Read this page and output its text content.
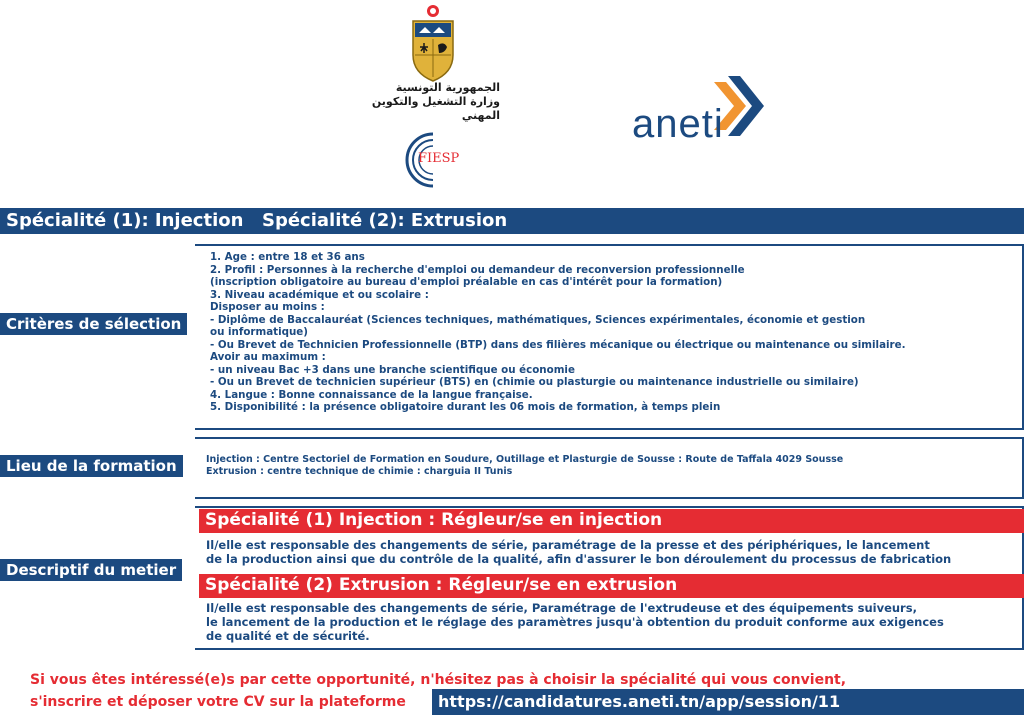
الجمهورية التونسية
وزارة التشغيل والتكوين المهني
FIESP
aneti
Spécialité (1): Injection Spécialité (2): Extrusion
Critères de sélection
1. Age : entre 18 et 36 ans
2. Profil : Personnes à la recherche d'emploi ou demandeur de reconversion professionnelle
(inscription obligatoire au bureau d'emploi préalable en cas d'intérêt pour la formation)
3. Niveau académique et ou scolaire :
Disposer au moins :
- Diplôme de Baccalauréat (Sciences techniques, mathématiques, Sciences expérimentales, économie et gestion
ou informatique)
- Ou Brevet de Technicien Professionnelle (BTP) dans des filières mécanique ou électrique ou maintenance ou similaire.
Avoir au maximum :
- un niveau Bac +3 dans une branche scientifique ou économie
- Ou un Brevet de technicien supérieur (BTS) en (chimie ou plasturgie ou maintenance industrielle ou similaire)
4. Langue : Bonne connaissance de la langue française.
5. Disponibilité : la présence obligatoire durant les 06 mois de formation, à temps plein
Lieu de la formation	Injection : Centre Sectoriel de Formation en Soudure, Outillage et Plasturgie de Sousse : Route de Taffala 4029 Sousse
Extrusion : centre technique de chimie : charguia II Tunis
Descriptif du metier
Spécialité (1) Injection : Régleur/se en injection
Il/elle est responsable des changements de série, paramétrage de la presse et des périphériques, le lancement
de la production ainsi que du contrôle de la qualité, afin d'assurer le bon déroulement du processus de fabrication
Spécialité (2) Extrusion : Régleur/se en extrusion
Il/elle est responsable des changements de série, Paramétrage de l'extrudeuse et des équipements suiveurs,
le lancement de la production et le réglage des paramètres jusqu'à obtention du produit conforme aux exigences
de qualité et de sécurité.
Si vous êtes intéressé(e)s par cette opportunité, n'hésitez pas à choisir la spécialité qui vous convient,
s'inscrire et déposer votre CV sur la plateforme https://candidatures.aneti.tn/app/session/11
